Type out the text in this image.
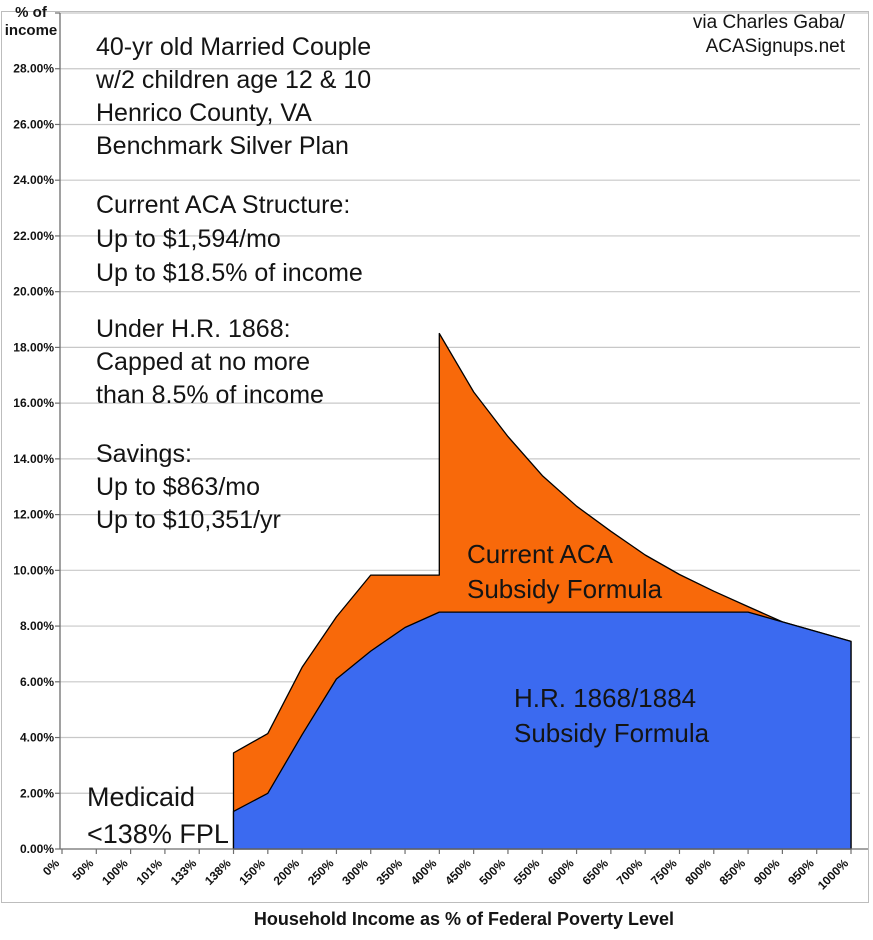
0.00%
2.00%
4.00%
6.00%
8.00%
10.00%
12.00%
14.00%
16.00%
18.00%
20.00%
22.00%
24.00%
26.00%
28.00%
0% 50% 100% 101% 133% 138% 150% 200% 250% 300% 350% 400% 450% 500% 550% 600% 650% 700% 750% 800% 850% 900% 950%
1000%
% of
income	via Charles Gaba/
ACASignups.net
40-yr old Married Couple
w/2 children age 12 & 10
Henrico County, VA
Benchmark Silver Plan
Current ACA Structure:
Up to $1,594/mo
Up to $18.5% of income
Under H.R. 1868:
Capped at no more
than 8.5% of income
Savings:
Up to $863/mo
Up to $10,351/yr
Current ACA
Subsidy Formula
H.R. 1868/1884
Subsidy Formula
Medicaid
<138% FPL
Household Income as % of Federal Poverty Level
